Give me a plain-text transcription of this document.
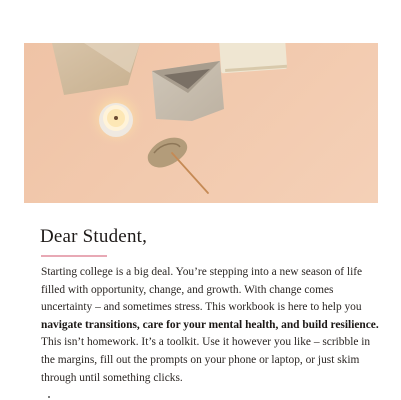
Dear Student,

Starting college is a big deal. You’re stepping into a new season of life filled with opportunity, change, and growth. With change comes uncertainty – and sometimes stress. This workbook is here to help you navigate transitions, care for your mental health, and build resilience. This isn’t homework. It’s a toolkit. Use it however you like – scribble in the margins, fill out the prompts on your phone or laptop, or just skim through until something clicks.
